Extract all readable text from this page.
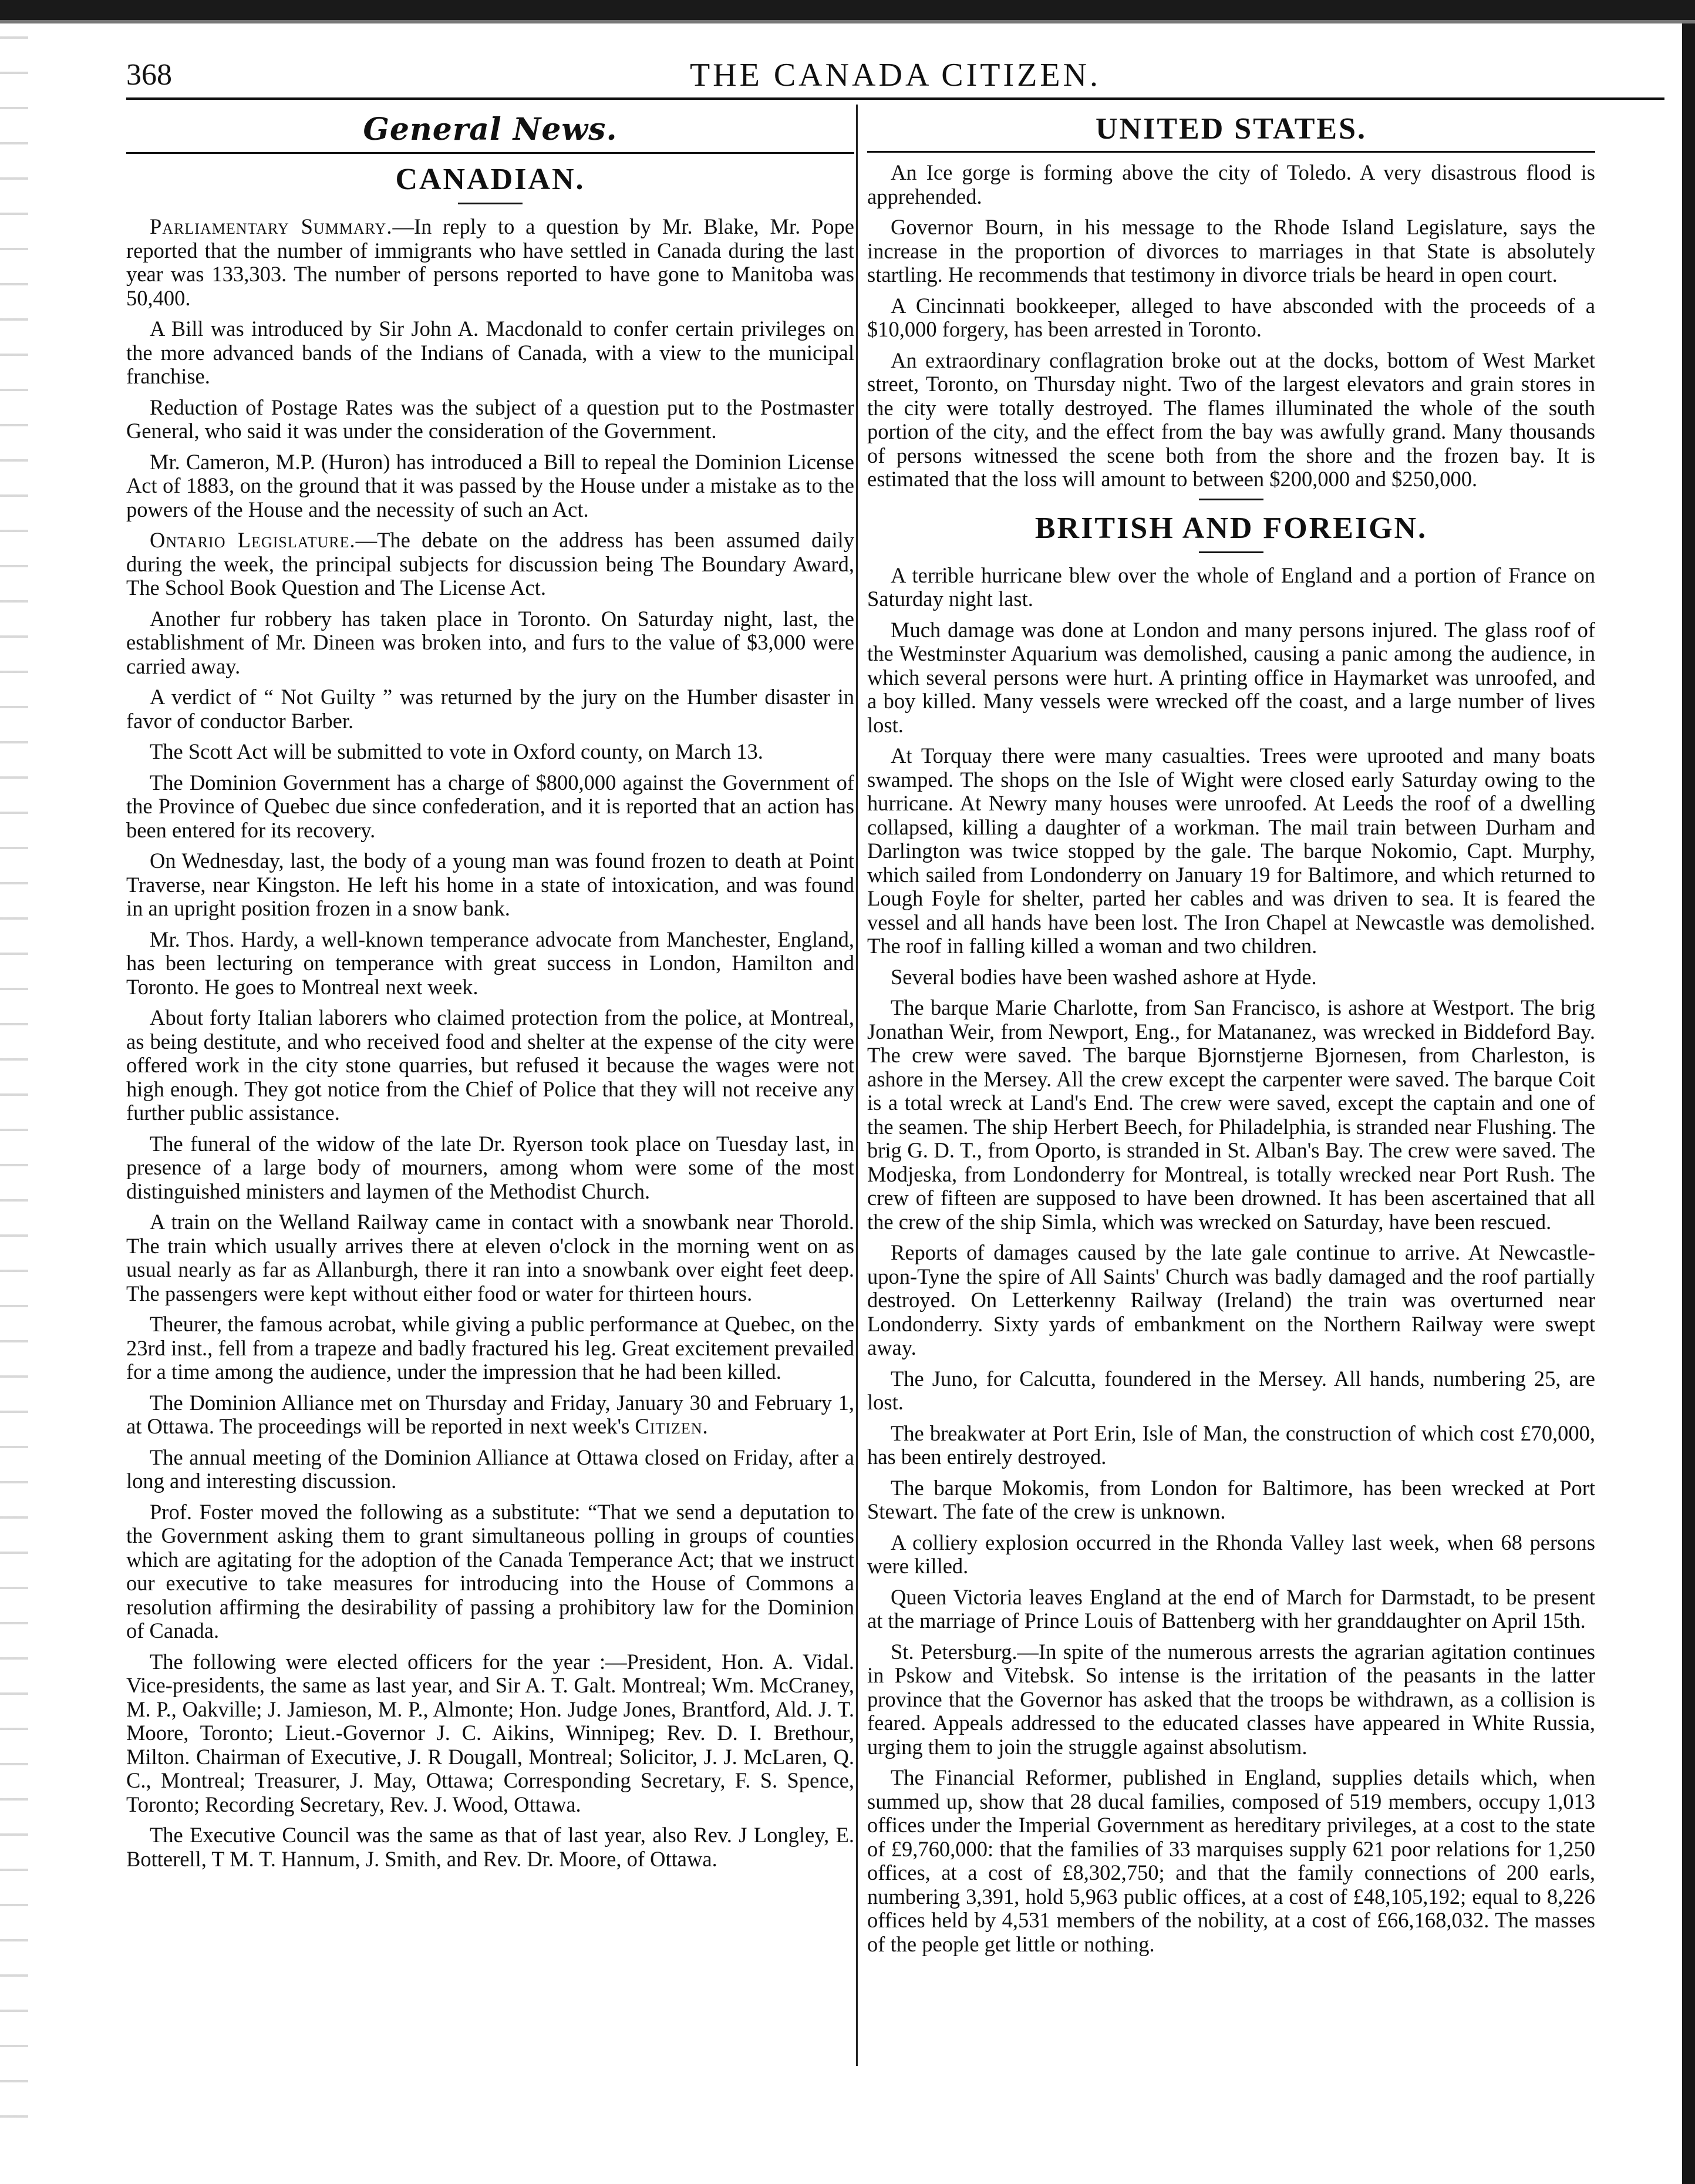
368	THE CANADA CITIZEN.
General News.
CANADIAN.

Parliamentary Summary.—In reply to a question by Mr. Blake, Mr. Pope reported that the number of immigrants who have settled in Canada during the last year was 133,303. The number of persons reported to have gone to Manitoba was 50,400.

A Bill was introduced by Sir John A. Macdonald to confer certain privileges on the more advanced bands of the Indians of Canada, with a view to the municipal franchise.

Reduction of Postage Rates was the subject of a question put to the Postmaster General, who said it was under the consideration of the Government.

Mr. Cameron, M.P. (Huron) has introduced a Bill to repeal the Dominion License Act of 1883, on the ground that it was passed by the House under a mistake as to the powers of the House and the necessity of such an Act.

Ontario Legislature.—The debate on the address has been assumed daily during the week, the principal subjects for discussion being The Boundary Award, The School Book Question and The License Act.

Another fur robbery has taken place in Toronto. On Saturday night, last, the establishment of Mr. Dineen was broken into, and furs to the value of $3,000 were carried away.

A verdict of “ Not Guilty ” was returned by the jury on the Humber disaster in favor of conductor Barber.

The Scott Act will be submitted to vote in Oxford county, on March 13.

The Dominion Government has a charge of $800,000 against the Government of the Province of Quebec due since confederation, and it is reported that an action has been entered for its recovery.

On Wednesday, last, the body of a young man was found frozen to death at Point Traverse, near Kingston. He left his home in a state of intoxication, and was found in an upright position frozen in a snow bank.

Mr. Thos. Hardy, a well-known temperance advocate from Manchester, England, has been lecturing on temperance with great success in London, Hamilton and Toronto. He goes to Montreal next week.

About forty Italian laborers who claimed protection from the police, at Montreal, as being destitute, and who received food and shelter at the expense of the city were offered work in the city stone quarries, but refused it because the wages were not high enough. They got notice from the Chief of Police that they will not receive any further public assistance.

The funeral of the widow of the late Dr. Ryerson took place on Tuesday last, in presence of a large body of mourners, among whom were some of the most distinguished ministers and laymen of the Methodist Church.

A train on the Welland Railway came in contact with a snowbank near Thorold. The train which usually arrives there at eleven o'clock in the morning went on as usual nearly as far as Allanburgh, there it ran into a snowbank over eight feet deep. The passengers were kept without either food or water for thirteen hours.

Theurer, the famous acrobat, while giving a public performance at Quebec, on the 23rd inst., fell from a trapeze and badly fractured his leg. Great excitement prevailed for a time among the audience, under the impression that he had been killed.

The Dominion Alliance met on Thursday and Friday, January 30 and February 1, at Ottawa. The proceedings will be reported in next week's Citizen.

The annual meeting of the Dominion Alliance at Ottawa closed on Friday, after a long and interesting discussion.

Prof. Foster moved the following as a substitute: “That we send a deputation to the Government asking them to grant simultaneous polling in groups of counties which are agitating for the adoption of the Canada Temperance Act; that we instruct our executive to take measures for introducing into the House of Commons a resolution affirming the desirability of passing a prohibitory law for the Dominion of Canada.

The following were elected officers for the year :—President, Hon. A. Vidal. Vice-presidents, the same as last year, and Sir A. T. Galt. Montreal; Wm. McCraney, M. P., Oakville; J. Jamieson, M. P., Almonte; Hon. Judge Jones, Brantford, Ald. J. T. Moore, Toronto; Lieut.-Governor J. C. Aikins, Winnipeg; Rev. D. I. Brethour, Milton. Chairman of Executive, J. R Dougall, Montreal; Solicitor, J. J. McLaren, Q. C., Montreal; Treasurer, J. May, Ottawa; Corresponding Secretary, F. S. Spence, Toronto; Recording Secretary, Rev. J. Wood, Ottawa.

The Executive Council was the same as that of last year, also Rev. J Longley, E. Botterell, T M. T. Hannum, J. Smith, and Rev. Dr. Moore, of Ottawa.

UNITED STATES.

An Ice gorge is forming above the city of Toledo. A very disastrous flood is apprehended.

Governor Bourn, in his message to the Rhode Island Legislature, says the increase in the proportion of divorces to marriages in that State is absolutely startling. He recommends that testimony in divorce trials be heard in open court.

A Cincinnati bookkeeper, alleged to have absconded with the proceeds of a $10,000 forgery, has been arrested in Toronto.

An extraordinary conflagration broke out at the docks, bottom of West Market street, Toronto, on Thursday night. Two of the largest elevators and grain stores in the city were totally destroyed. The flames illuminated the whole of the south portion of the city, and the effect from the bay was awfully grand. Many thousands of persons witnessed the scene both from the shore and the frozen bay. It is estimated that the loss will amount to between $200,000 and $250,000.

BRITISH AND FOREIGN.

A terrible hurricane blew over the whole of England and a portion of France on Saturday night last.

Much damage was done at London and many persons injured. The glass roof of the Westminster Aquarium was demolished, causing a panic among the audience, in which several persons were hurt. A printing office in Haymarket was unroofed, and a boy killed. Many vessels were wrecked off the coast, and a large number of lives lost.

At Torquay there were many casualties. Trees were uprooted and many boats swamped. The shops on the Isle of Wight were closed early Saturday owing to the hurricane. At Newry many houses were unroofed. At Leeds the roof of a dwelling collapsed, killing a daughter of a workman. The mail train between Durham and Darlington was twice stopped by the gale. The barque Nokomio, Capt. Murphy, which sailed from Londonderry on January 19 for Baltimore, and which returned to Lough Foyle for shelter, parted her cables and was driven to sea. It is feared the vessel and all hands have been lost. The Iron Chapel at Newcastle was demolished. The roof in falling killed a woman and two children.

Several bodies have been washed ashore at Hyde.

The barque Marie Charlotte, from San Francisco, is ashore at Westport. The brig Jonathan Weir, from Newport, Eng., for Matananez, was wrecked in Biddeford Bay. The crew were saved. The barque Bjornstjerne Bjornesen, from Charleston, is ashore in the Mersey. All the crew except the carpenter were saved. The barque Coit is a total wreck at Land's End. The crew were saved, except the captain and one of the seamen. The ship Herbert Beech, for Philadelphia, is stranded near Flushing. The brig G. D. T., from Oporto, is stranded in St. Alban's Bay. The crew were saved. The Modjeska, from Londonderry for Montreal, is totally wrecked near Port Rush. The crew of fifteen are supposed to have been drowned. It has been ascertained that all the crew of the ship Simla, which was wrecked on Saturday, have been rescued.

Reports of damages caused by the late gale continue to arrive. At Newcastle-upon-Tyne the spire of All Saints' Church was badly damaged and the roof partially destroyed. On Letterkenny Railway (Ireland) the train was overturned near Londonderry. Sixty yards of embankment on the Northern Railway were swept away.

The Juno, for Calcutta, foundered in the Mersey. All hands, numbering 25, are lost.

The breakwater at Port Erin, Isle of Man, the construction of which cost £70,000, has been entirely destroyed.

The barque Mokomis, from London for Baltimore, has been wrecked at Port Stewart. The fate of the crew is unknown.

A colliery explosion occurred in the Rhonda Valley last week, when 68 persons were killed.

Queen Victoria leaves England at the end of March for Darmstadt, to be present at the marriage of Prince Louis of Battenberg with her granddaughter on April 15th.

St. Petersburg.—In spite of the numerous arrests the agrarian agitation continues in Pskow and Vitebsk. So intense is the irritation of the peasants in the latter province that the Governor has asked that the troops be withdrawn, as a collision is feared. Appeals addressed to the educated classes have appeared in White Russia, urging them to join the struggle against absolutism.

The Financial Reformer, published in England, supplies details which, when summed up, show that 28 ducal families, composed of 519 members, occupy 1,013 offices under the Imperial Government as hereditary privileges, at a cost to the state of £9,760,000: that the families of 33 marquises supply 621 poor relations for 1,250 offices, at a cost of £8,302,750; and that the family connections of 200 earls, numbering 3,391, hold 5,963 public offices, at a cost of £48,105,192; equal to 8,226 offices held by 4,531 members of the nobility, at a cost of £66,168,032. The masses of the people get little or nothing.
